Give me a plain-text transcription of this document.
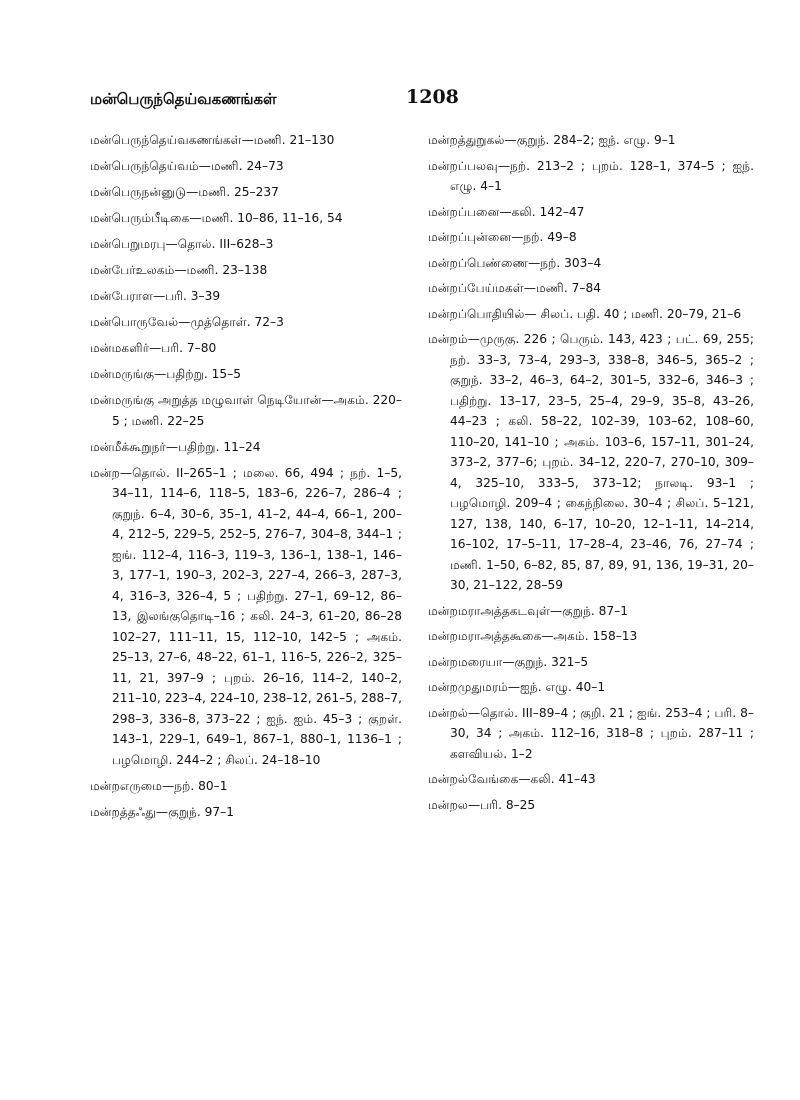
மன்பெருந்தெய்வகணங்கள்	1208

மன்பெருந்தெய்வகணங்கள்—மணி. 21–130

மன்பெருந்தெய்வம்—மணி. 24–73

மன்பெருநன்னுடு—மணி. 25–237

மன்பெரும்பீடிகை—மணி. 10–86, 11–16, 54

மன்பெறுமரபு—தொல். III–628–3

மன்பேர்உலகம்—மணி. 23–138

மன்பேராள—பரி. 3–39

மன்பொருவேல்—முத்தொள். 72–3

மன்மகளிர்—பரி. 7–80

மன்மருங்கு—பதிற்று. 15–5

மன்மருங்கு அறுத்த மழுவாள் நெடியோன்—அகம். 220–5 ; மணி. 22–25

மன்மீக்கூறுநர்—பதிற்று. 11–24

மன்ற—தொல். II–265–1 ; மலை. 66, 494 ; நற். 1–5, 34–11, 114–6, 118–5, 183–6, 226–7, 286–4 ; குறுந். 6–4, 30–6, 35–1, 41–2, 44–4, 66–1, 200–4, 212–5, 229–5, 252–5, 276–7, 304–8, 344–1 ; ஐங். 112–4, 116–3, 119–3, 136–1, 138–1, 146–3, 177–1, 190–3, 202–3, 227–4, 266–3, 287–3, 4, 316–3, 326–4, 5 ; பதிற்று. 27–1, 69–12, 86–13, இலங்குதொடி–16 ; கலி. 24–3, 61–20, 86–28 102–27, 111–11, 15, 112–10, 142–5 ; அகம். 25–13, 27–6, 48–22, 61–1, 116–5, 226–2, 325–11, 21, 397–9 ; புறம். 26–16, 114–2, 140–2, 211–10, 223–4, 224–10, 238–12, 261–5, 288–7, 298–3, 336–8, 373–22 ; ஐந். ஐம். 45–3 ; குறள். 143–1, 229–1, 649–1, 867–1, 880–1, 1136–1 ; பழமொழி. 244–2 ; சிலப். 24–18–10

மன்றஎருமை—நற். 80–1

மன்றத்தஃது—குறுந். 97–1

மன்றத்துறுகல்—குறுந். 284–2; ஐந். எழு. 9–1

மன்றப்பலவு—நற். 213–2 ; புறம். 128–1, 374–5 ; ஐந். எழு. 4–1

மன்றப்பனை—கலி. 142–47

மன்றப்புன்னை—நற். 49–8

மன்றப்பெண்ணை—நற். 303–4

மன்றப்பேய்மகள்—மணி. 7–84

மன்றப்பொதியில்— சிலப். பதி. 40 ; மணி. 20–79, 21–6

மன்றம்—முருகு. 226 ; பெரும். 143, 423 ; பட். 69, 255; நற். 33–3, 73–4, 293–3, 338–8, 346–5, 365–2 ; குறுந். 33–2, 46–3, 64–2, 301–5, 332–6, 346–3 ; பதிற்று. 13–17, 23–5, 25–4, 29–9, 35–8, 43–26, 44–23 ; கலி. 58–22, 102–39, 103–62, 108–60, 110–20, 141–10 ; அகம். 103–6, 157–11, 301–24, 373–2, 377–6; புறம். 34–12, 220–7, 270–10, 309–4, 325–10, 333–5, 373–12; நாலடி. 93–1 ; பழமொழி. 209–4 ; கைந்நிலை. 30–4 ; சிலப். 5–121, 127, 138, 140, 6–17, 10–20, 12–1–11, 14–214, 16–102, 17–5–11, 17–28–4, 23–46, 76, 27–74 ; மணி. 1–50, 6–82, 85, 87, 89, 91, 136, 19–31, 20–30, 21–122, 28–59

மன்றமராஅத்தகடவுள்—குறுந். 87–1

மன்றமராஅத்தகூகை—அகம். 158–13

மன்றமரையா—குறுந். 321–5

மன்றமுதுமரம்—ஐந். எழு. 40–1

மன்றல்—தொல். III–89–4 ; குறி. 21 ; ஐங். 253–4 ; பரி. 8–30, 34 ; அகம். 112–16, 318–8 ; புறம். 287–11 ; களவியல். 1–2

மன்றல்வேங்கை—கலி. 41–43

மன்றல—பரி. 8–25
